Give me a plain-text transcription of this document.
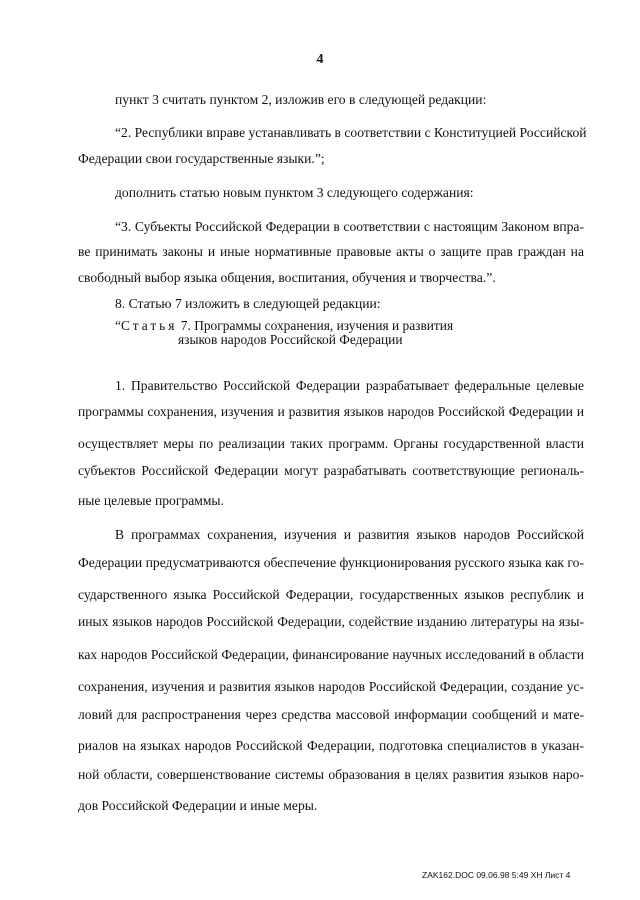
4
пункт 3 считать пунктом 2, изложив его в следующей редакции:
“2. Республики вправе устанавливать в соответствии с Конституцией Российской
Федерации свои государственные языки.”;
дополнить статью новым пунктом 3 следующего содержания:
“3. Субъекты Российской Федерации в соответствии с настоящим Законом впра-
ве принимать законы и иные нормативные правовые акты о защите прав граждан на
свободный выбор языка общения, воспитания, обучения и творчества.”.
8. Статью 7 изложить в следующей редакции:
“Статья 7. Программы сохранения, изучения и развития
языков народов Российской Федерации
1. Правительство Российской Федерации разрабатывает федеральные целевые
программы сохранения, изучения и развития языков народов Российской Федерации и
осуществляет меры по реализации таких программ. Органы государственной власти
субъектов Российской Федерации могут разрабатывать соответствующие региональ-
ные целевые программы.
В программах сохранения, изучения и развития языков народов Российской
Федерации предусматриваются обеспечение функционирования русского языка как го-
сударственного языка Российской Федерации, государственных языков республик и
иных языков народов Российской Федерации, содействие изданию литературы на язы-
ках народов Российской Федерации, финансирование научных исследований в области
сохранения, изучения и развития языков народов Российской Федерации, создание ус-
ловий для распространения через средства массовой информации сообщений и мате-
риалов на языках народов Российской Федерации, подготовка специалистов в указан-
ной области, совершенствование системы образования в целях развития языков наро-
дов Российской Федерации и иные меры.
ZAK162.DOC 09.06.98 5:49 ХН Лист 4
